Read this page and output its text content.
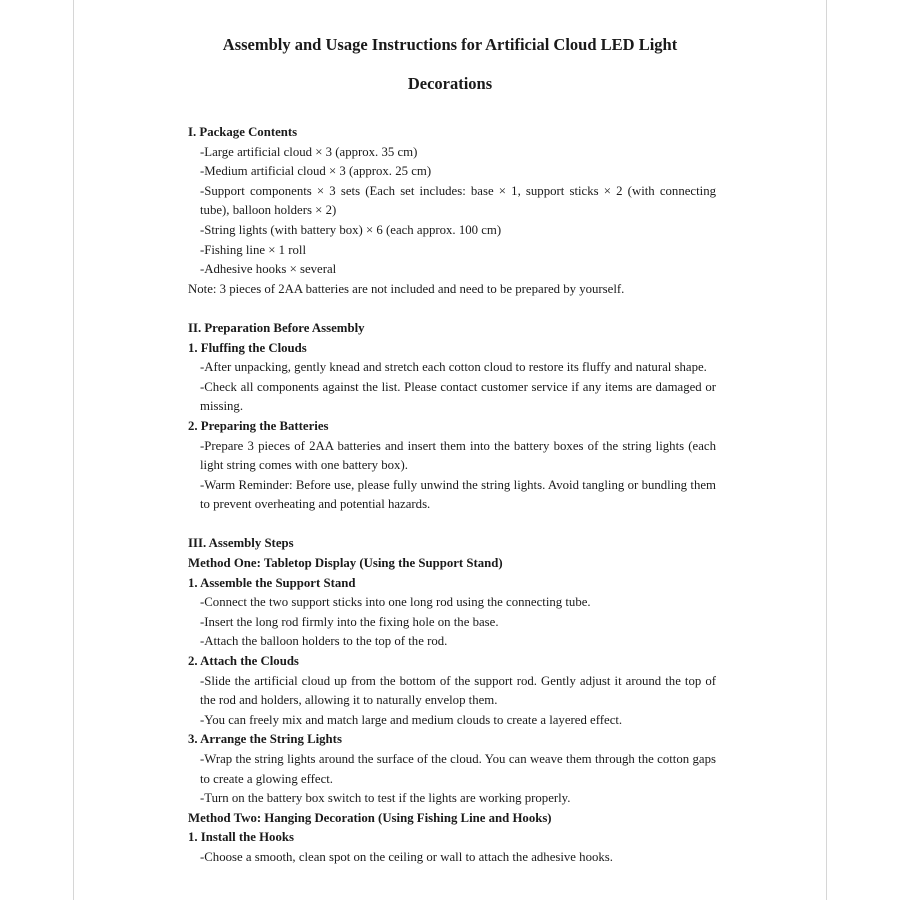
Assembly and Usage Instructions for Artificial Cloud LED Light
Decorations

I. Package Contents

-Large artificial cloud × 3 (approx. 35 cm)

-Medium artificial cloud × 3 (approx. 25 cm)

-Support components × 3 sets (Each set includes: base × 1, support sticks × 2 (with connecting tube), balloon holders × 2)

-String lights (with battery box) × 6 (each approx. 100 cm)

-Fishing line × 1 roll

-Adhesive hooks × several

Note: 3 pieces of 2AA batteries are not included and need to be prepared by yourself.

II. Preparation Before Assembly

1. Fluffing the Clouds

-After unpacking, gently knead and stretch each cotton cloud to restore its fluffy and natural shape.

-Check all components against the list. Please contact customer service if any items are damaged or missing.

2. Preparing the Batteries

-Prepare 3 pieces of 2AA batteries and insert them into the battery boxes of the string lights (each light string comes with one battery box).

-Warm Reminder: Before use, please fully unwind the string lights. Avoid tangling or bundling them to prevent overheating and potential hazards.

III. Assembly Steps

Method One: Tabletop Display (Using the Support Stand)

1. Assemble the Support Stand

-Connect the two support sticks into one long rod using the connecting tube.

-Insert the long rod firmly into the fixing hole on the base.

-Attach the balloon holders to the top of the rod.

2. Attach the Clouds

-Slide the artificial cloud up from the bottom of the support rod. Gently adjust it around the top of the rod and holders, allowing it to naturally envelop them.

-You can freely mix and match large and medium clouds to create a layered effect.

3. Arrange the String Lights

-Wrap the string lights around the surface of the cloud. You can weave them through the cotton gaps to create a glowing effect.

-Turn on the battery box switch to test if the lights are working properly.

Method Two: Hanging Decoration (Using Fishing Line and Hooks)

1. Install the Hooks

-Choose a smooth, clean spot on the ceiling or wall to attach the adhesive hooks.
